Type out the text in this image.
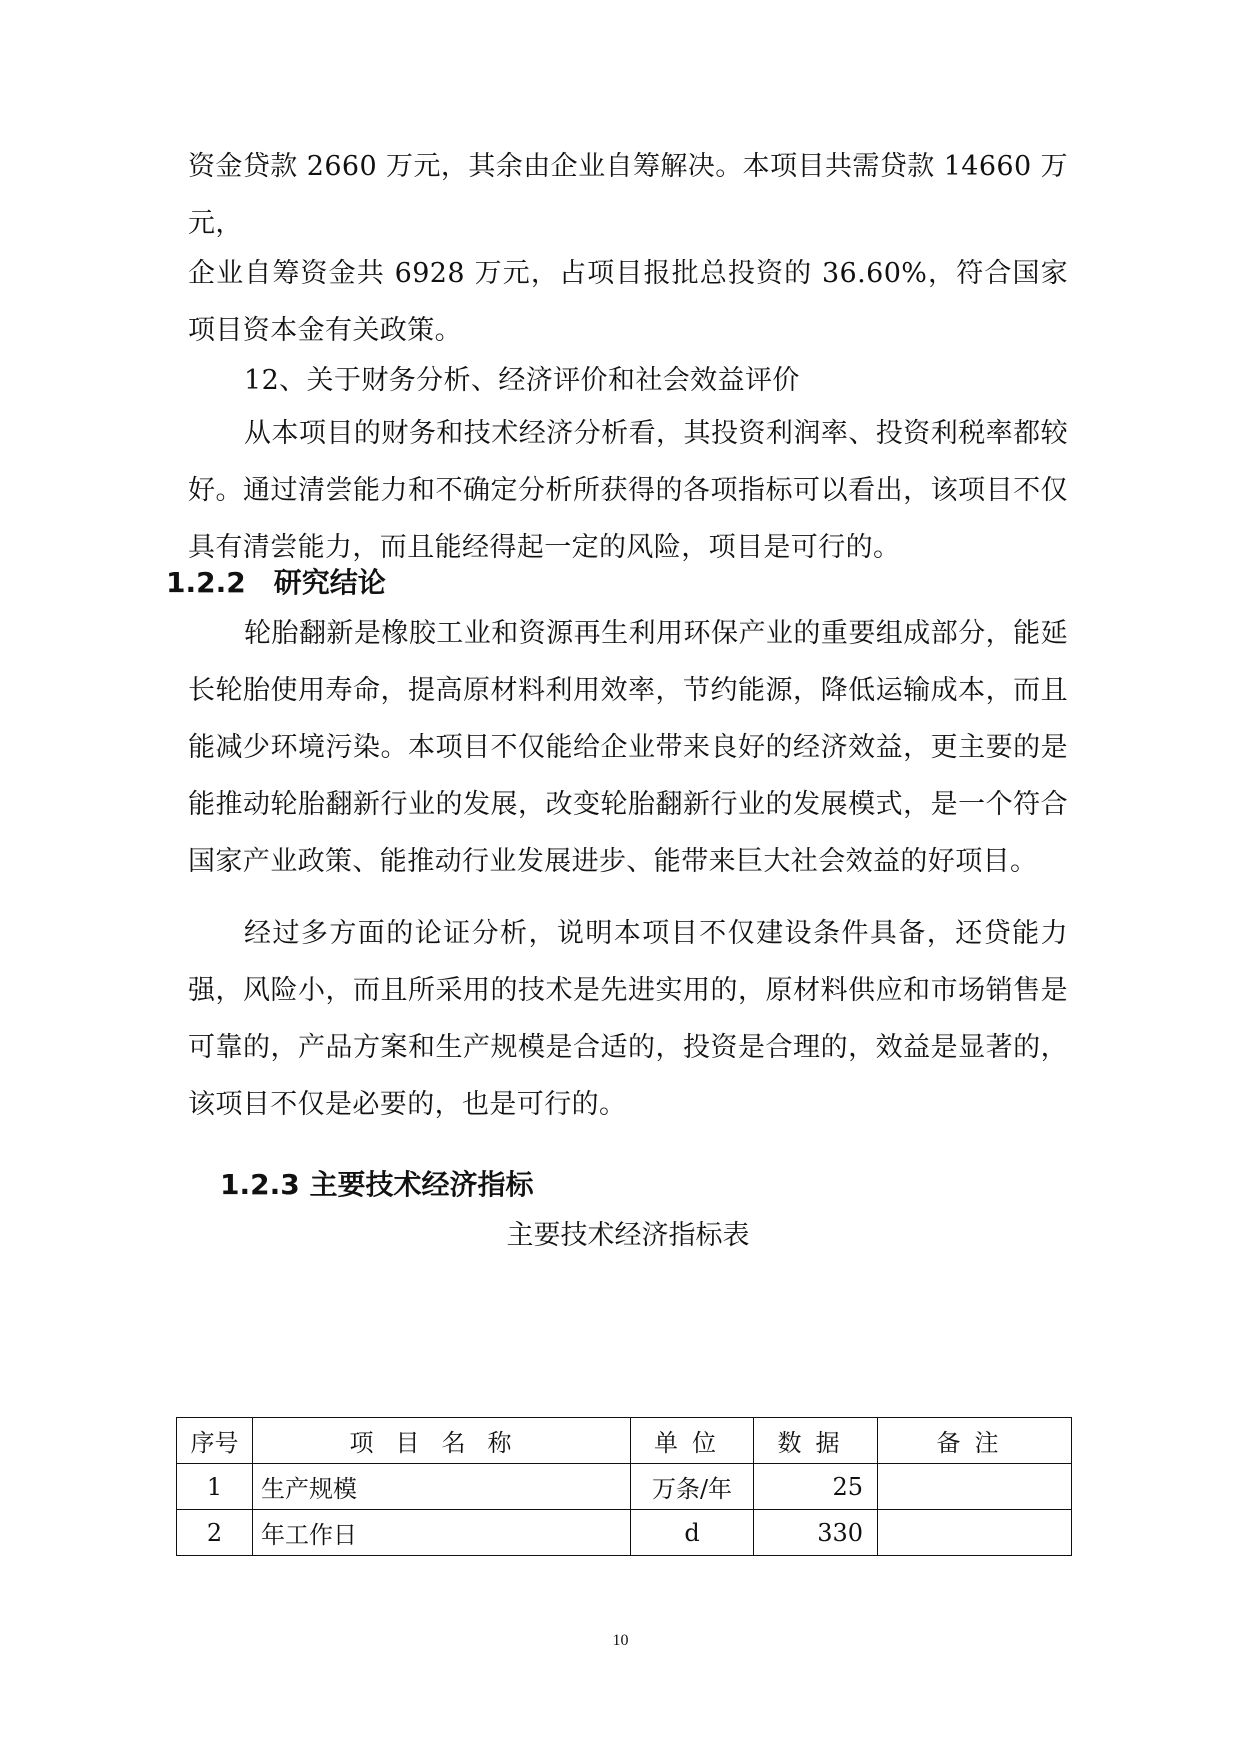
资金贷款 2660 万元，其余由企业自筹解决。本项目共需贷款 14660 万元，

企业自筹资金共 6928 万元，占项目报批总投资的 36.60%，符合国家项目资本金有关政策。

12、关于财务分析、经济评价和社会效益评价

从本项目的财务和技术经济分析看，其投资利润率、投资利税率都较好。通过清尝能力和不确定分析所获得的各项指标可以看出，该项目不仅具有清尝能力，而且能经得起一定的风险，项目是可行的。

1.2.2　研究结论

轮胎翻新是橡胶工业和资源再生利用环保产业的重要组成部分，能延长轮胎使用寿命，提高原材料利用效率，节约能源，降低运输成本，而且能减少环境污染。本项目不仅能给企业带来良好的经济效益，更主要的是能推动轮胎翻新行业的发展，改变轮胎翻新行业的发展模式，是一个符合国家产业政策、能推动行业发展进步、能带来巨大社会效益的好项目。

经过多方面的论证分析，说明本项目不仅建设条件具备，还贷能力强，风险小，而且所采用的技术是先进实用的，原材料供应和市场销售是可靠的，产品方案和生产规模是合适的，投资是合理的，效益是显著的，该项目不仅是必要的，也是可行的。

1.2.3 主要技术经济指标
主要技术经济指标表
序号	项目名称	单位	数据	备注
1	生产规模	万条/年	25	
2	年工作日	d	330	
10
